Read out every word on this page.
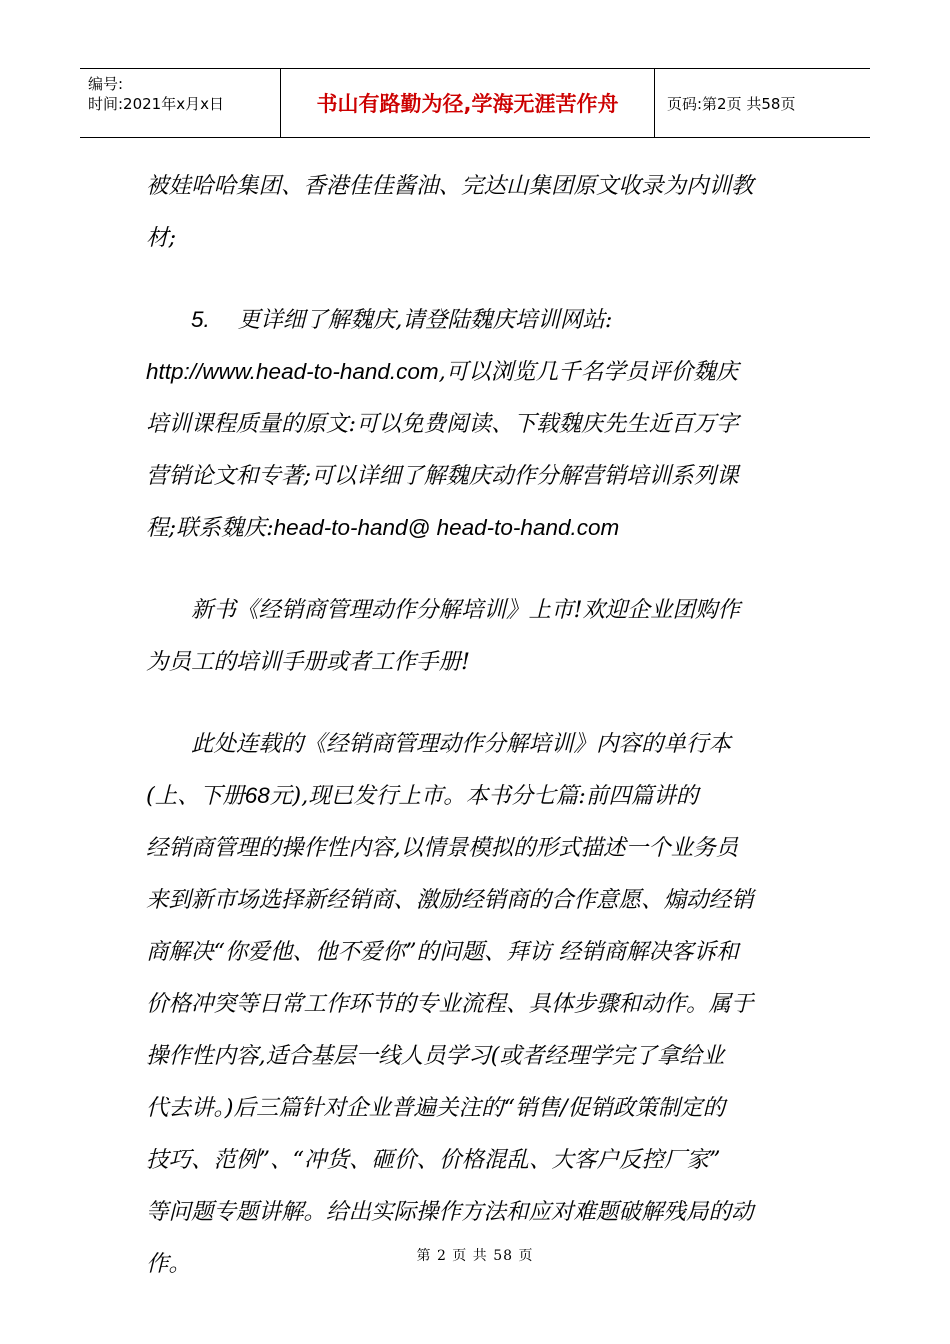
编号:
时间:2021年x月x日	书山有路勤为径,学海无涯苦作舟	页码:第2页 共58页

被娃哈哈集团、香港佳佳酱油、完达山集团原文收录为内训教
材;

5. 更详细了解魏庆,请登陆魏庆培训网站:
http://www.head-to-hand.com,可以浏览几千名学员评价魏庆
培训课程质量的原文:可以免费阅读、下载魏庆先生近百万字
营销论文和专著;可以详细了解魏庆动作分解营销培训系列课
程;联系魏庆:head-to-hand@ head-to-hand.com

新书《经销商管理动作分解培训》上市!欢迎企业团购作
为员工的培训手册或者工作手册!

此处连载的《经销商管理动作分解培训》内容的单行本
(上、下册68元),现已发行上市。本书分七篇:前四篇讲的
经销商管理的操作性内容,以情景模拟的形式描述一个业务员
来到新市场选择新经销商、激励经销商的合作意愿、煽动经销
商解决“你爱他、他不爱你”的问题、拜访 经销商解决客诉和
价格冲突等日常工作环节的专业流程、具体步骤和动作。属于
操作性内容,适合基层一线人员学习(或者经理学完了拿给业
代去讲。)后三篇针对企业普遍关注的“销售/促销政策制定的
技巧、范例”、“冲货、砸价、价格混乱、大客户反控厂家”
等问题专题讲解。给出实际操作方法和应对难题破解残局的动
作。	第 2 页 共 58 页
